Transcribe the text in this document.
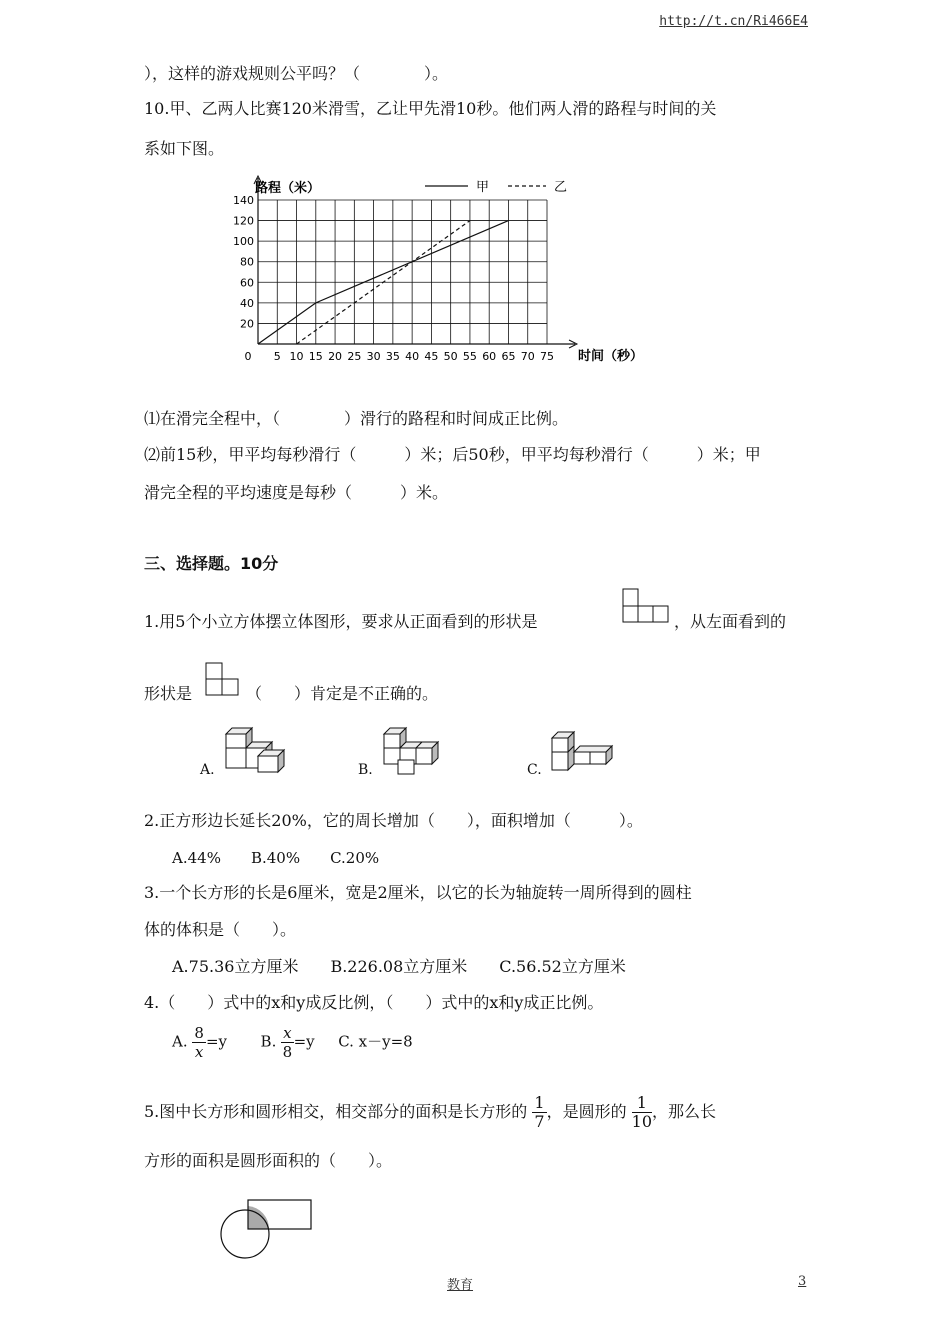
http://t.cn/Ri466E4
），这样的游戏规则公平吗？（　　　　）。
10.甲、乙两人比赛120米滑雪，乙让甲先滑10秒。他们两人滑的路程与时间的关
系如下图。
0 5 10 15 20 25 30 35 40 45 50 55 60 65 70 75
20
40
60
80
100
120
140
路程（米）
时间（秒）
甲	乙
⑴在滑完全程中，（　　　　）滑行的路程和时间成正比例。
⑵前15秒，甲平均每秒滑行（　　　）米；后50秒，甲平均每秒滑行（　　　）米；甲
滑完全程的平均速度是每秒（　　　）米。
三、选择题。10分
1.用5个小立方体摆立体图形，要求从正面看到的形状是	，从左面看到的
形状是	（　　）肯定是不正确的。
A.	B.	C.
2.正方形边长延长20%，它的周长增加（　　），面积增加（　　　）。
A.44%　　B.40%　　C.20%
3.一个长方形的长是6厘米，宽是2厘米，以它的长为轴旋转一周所得到的圆柱
体的体积是（　　）。
A.75.36立方厘米　　B.226.08立方厘米　　C.56.52立方厘米
4.（　　）式中的x和y成反比例，（　　）式中的x和y成正比例。
A. $\frac{8}{x} =y$ B. $\frac{x}{8} =y$ C. x－y=8
5.图中长方形和圆形相交，相交部分的面积是长方形的 $\frac{1}{7}$ ，是圆形的 $\frac{1}{10}$ ，那么长
方形的面积是圆形面积的（　　）。
教育	3
